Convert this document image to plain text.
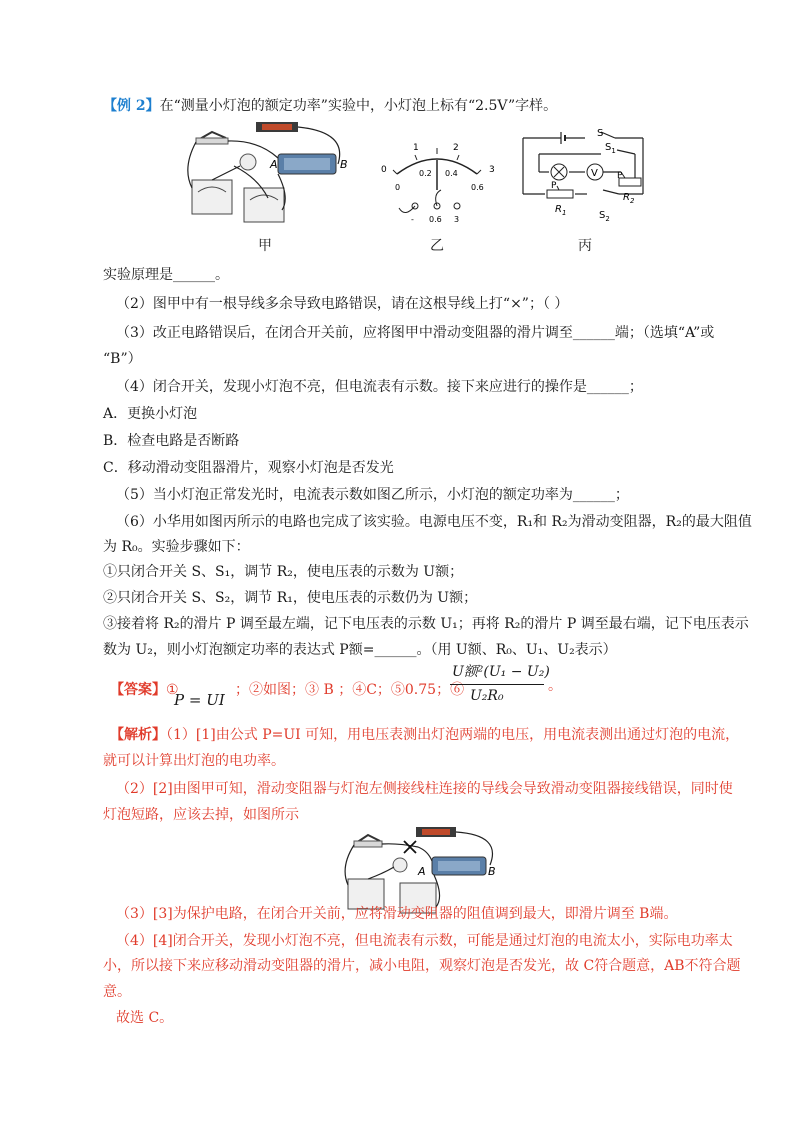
【例 2】在“测量小灯泡的额定功率”实验中，小灯泡上标有“2.5V”字样。
A	B
甲
1	2
3
0
0
0.2 0.4
0.6
- 0.6 3
乙
V
S
$S_1$
$S_2$
P
P
$R_1$
$R_2$
丙
实验原理是______。
（2）图甲中有一根导线多余导致电路错误，请在这根导线上打“×”；（ ）
（3）改正电路错误后，在闭合开关前，应将图甲中滑动变阻器的滑片调至______端；（选填“A”或
“B”）
（4）闭合开关，发现小灯泡不亮，但电流表有示数。接下来应进行的操作是______；
A．更换小灯泡
B．检查电路是否断路
C．移动滑动变阻器滑片，观察小灯泡是否发光
（5）当小灯泡正常发光时，电流表示数如图乙所示，小灯泡的额定功率为______；
（6）小华用如图丙所示的电路也完成了该实验。电源电压不变，R₁和 R₂为滑动变阻器，R₂的最大阻值
为 R₀。实验步骤如下：
①只闭合开关 S、S₁，调节 R₂，使电压表的示数为 U额；
②只闭合开关 S、S₂，调节 R₁，使电压表的示数仍为 U额；
③接着将 R₂的滑片 P 调至最左端，记下电压表的示数 U₁；再将 R₂的滑片 P 调至最右端，记下电压表示
数为 U₂，则小灯泡额定功率的表达式 P额=______。（用 U额、R₀、U₁、U₂表示）
【答案】①
P = UI
；②如图；③ B ；④C；⑤0.75；⑥
U额²(U₁ − U₂)
U₂R₀
。
【解析】（1）[1]由公式 P=UI 可知，用电压表测出灯泡两端的电压，用电流表测出通过灯泡的电流，
就可以计算出灯泡的电功率。
（2）[2]由图甲可知，滑动变阻器与灯泡左侧接线柱连接的导线会导致滑动变阻器接线错误，同时使
灯泡短路，应该去掉，如图所示
A	B
（3）[3]为保护电路，在闭合开关前，应将滑动变阻器的阻值调到最大，即滑片调至 B端。
（4）[4]闭合开关，发现小灯泡不亮，但电流表有示数，可能是通过灯泡的电流太小，实际电功率太
小，所以接下来应移动滑动变阻器的滑片，减小电阻，观察灯泡是否发光，故 C符合题意，AB不符合题
意。
故选 C。
